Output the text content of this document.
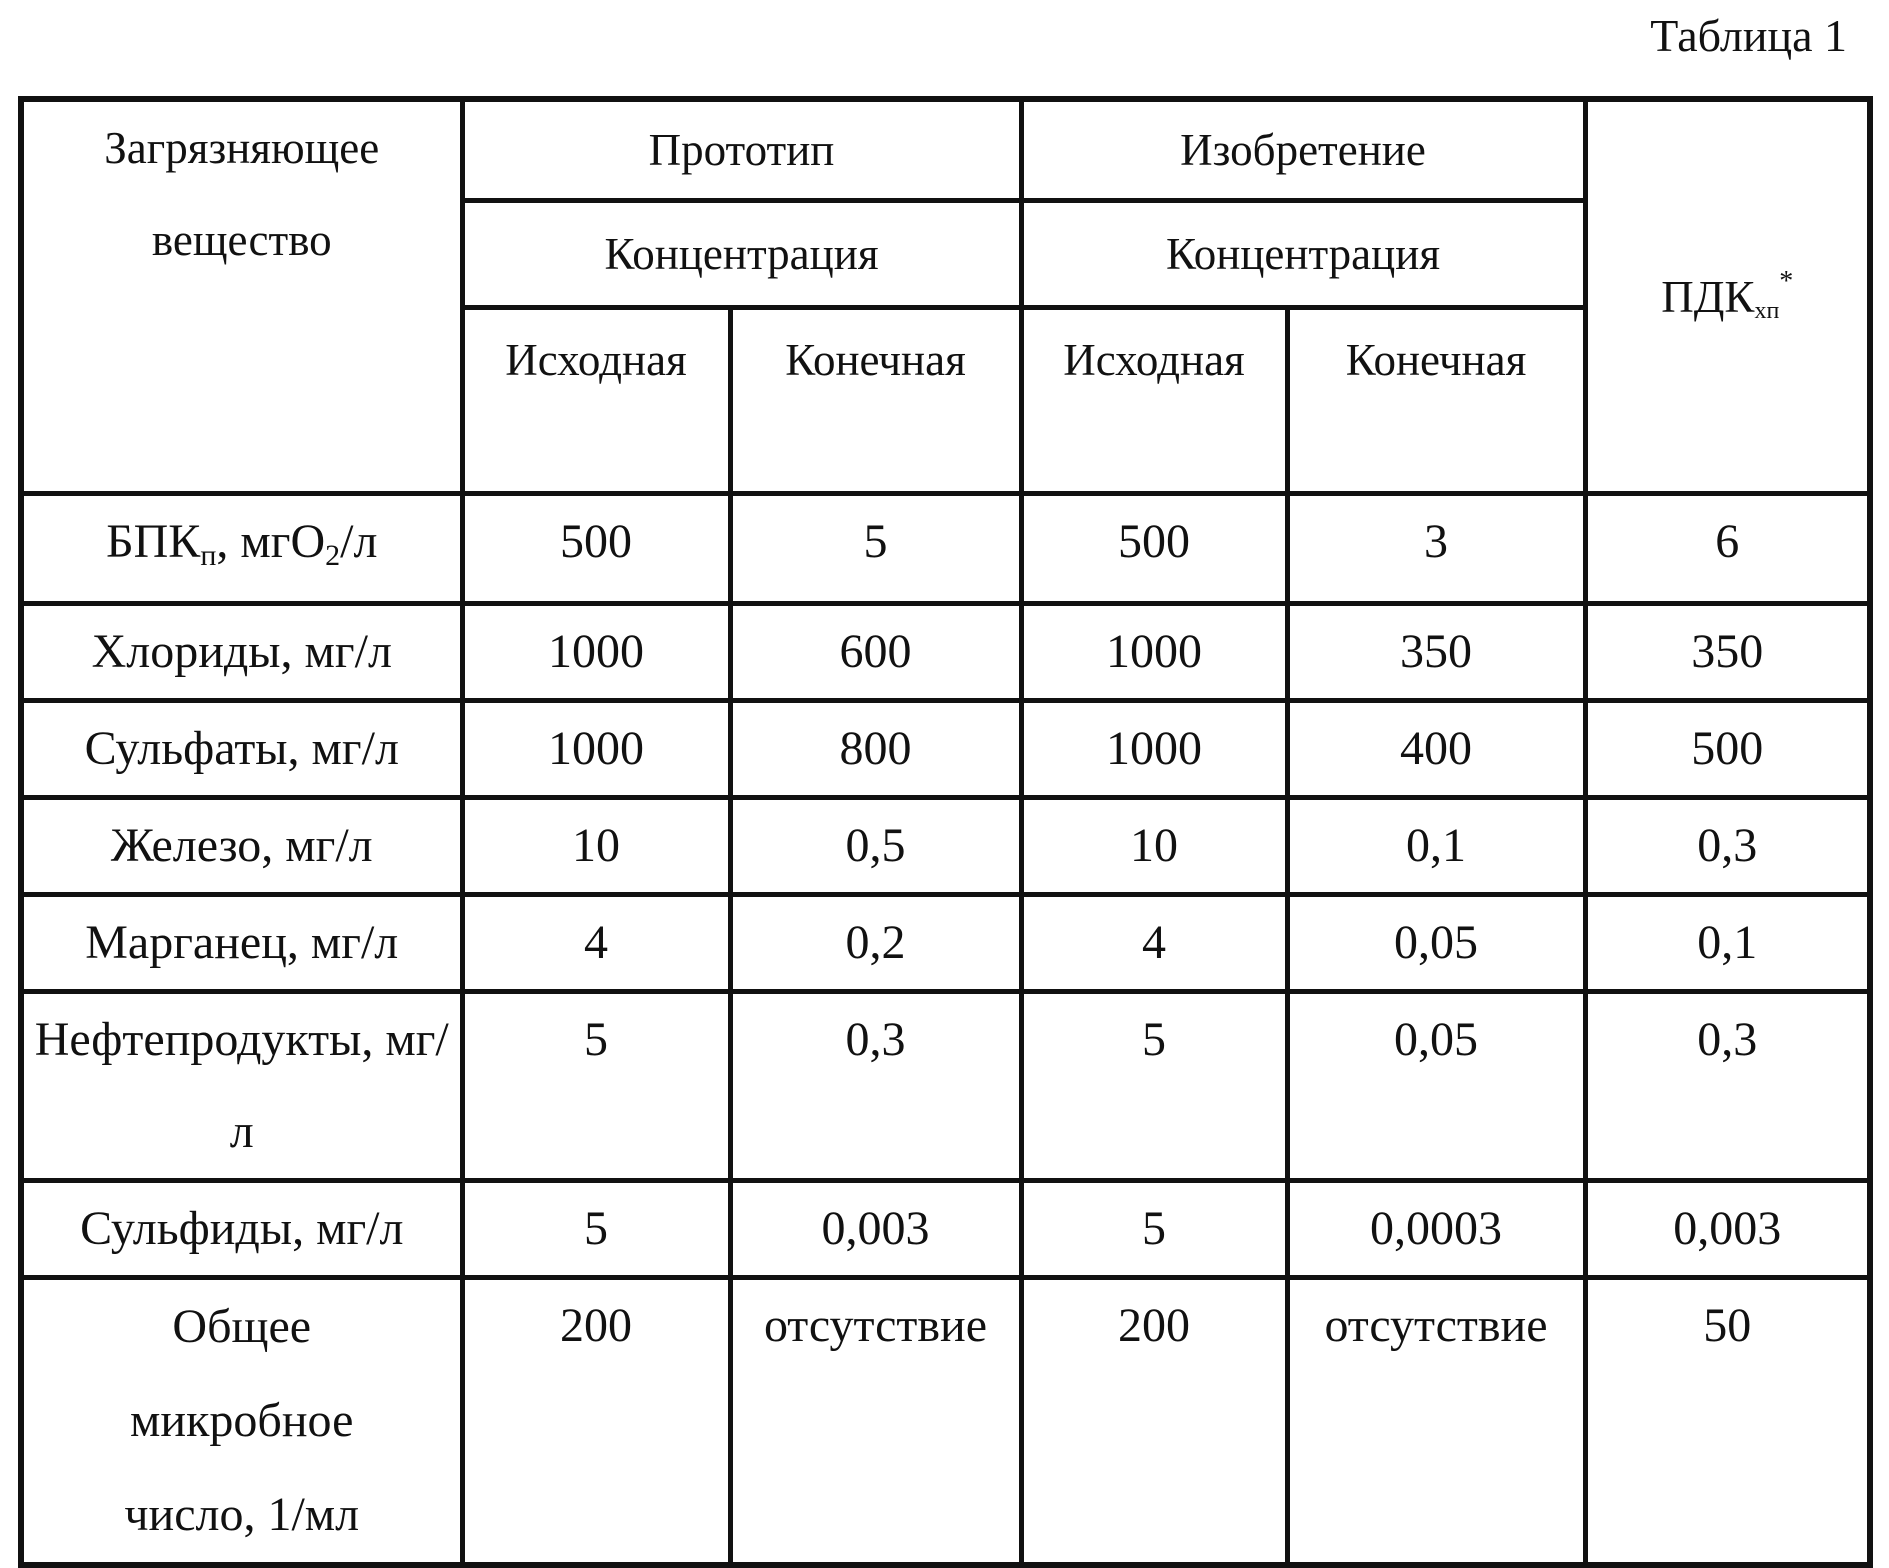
Таблица 1

Загрязняющее вещество	Прототип		Изобретение		$ПДК_{хп}^*$
	Концентрация		Концентрация		
	Исходная	Конечная	Исходная	Конечная	
$БПК_п$, мгО$_2$/л	500	5	500	3	6
Хлориды, мг/л	1000	600	1000	350	350
Сульфаты, мг/л	1000	800	1000	400	500
Железо, мг/л	10	0,5	10	0,1	0,3
Марганец, мг/л	4	0,2	4	0,05	0,1
Нефтепродукты, мг/л	5	0,3	5	0,05	0,3
Сульфиды, мг/л	5	0,003	5	0,0003	0,003
Общее микробное число, 1/мл	200	отсутствие	200	отсутствие	50
